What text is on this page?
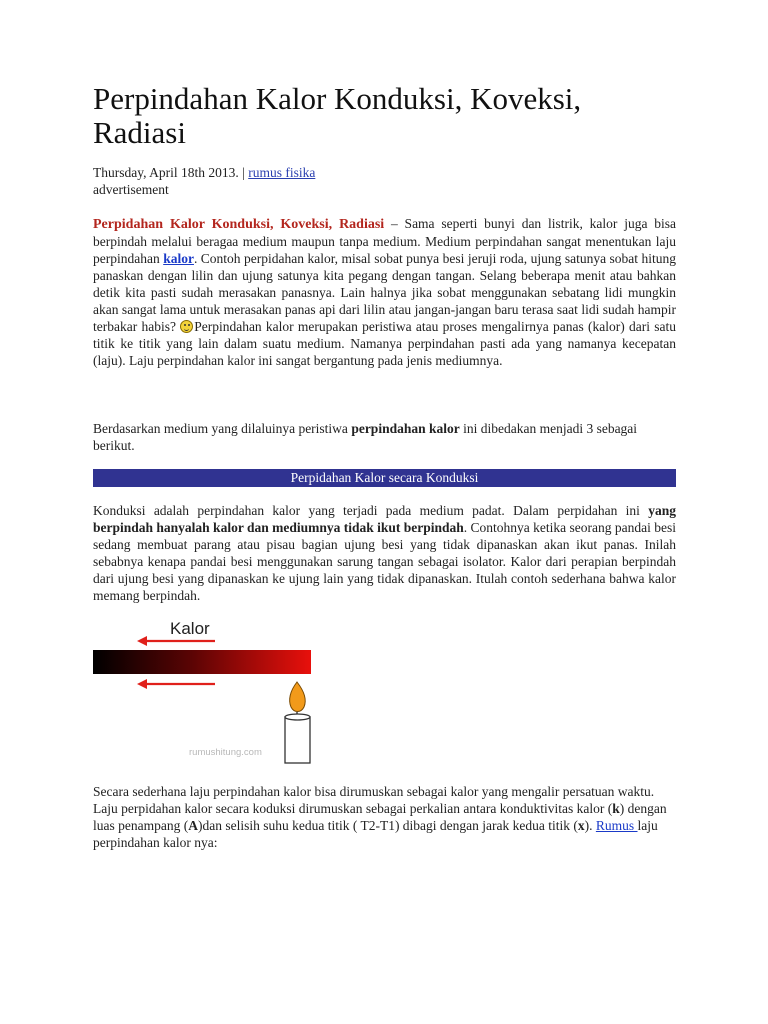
Perpindahan Kalor Konduksi, Koveksi, Radiasi
Thursday, April 18th 2013. | rumus fisika
advertisement
Perpidahan Kalor Konduksi, Koveksi, Radiasi – Sama seperti bunyi dan listrik, kalor juga bisa berpindah melalui beragaa medium maupun tanpa medium. Medium perpindahan sangat menentukan laju perpindahan kalor. Contoh perpidahan kalor, misal sobat punya besi jeruji roda, ujung satunya sobat hitung panaskan dengan lilin dan ujung satunya kita pegang dengan tangan. Selang beberapa menit atau bahkan detik kita pasti sudah merasakan panasnya. Lain halnya jika sobat menggunakan sebatang lidi mungkin akan sangat lama untuk merasakan panas api dari lilin atau jangan-jangan baru terasa saat lidi sudah hampir terbakar habis? Perpindahan kalor merupakan peristiwa atau proses mengalirnya panas (kalor) dari satu titik ke titik yang lain dalam suatu medium. Namanya perpindahan pasti ada yang namanya kecepatan (laju). Laju perpindahan kalor ini sangat bergantung pada jenis mediumnya.
Berdasarkan medium yang dilaluinya peristiwa perpindahan kalor ini dibedakan menjadi 3 sebagai berikut.
Perpidahan Kalor secara Konduksi
Konduksi adalah perpindahan kalor yang terjadi pada medium padat. Dalam perpidahan ini yang berpindah hanyalah kalor dan mediumnya tidak ikut berpindah. Contohnya ketika seorang pandai besi sedang membuat parang atau pisau bagian ujung besi yang tidak dipanaskan akan ikut panas. Inilah sebabnya kenapa pandai besi menggunakan sarung tangan sebagai isolator. Kalor dari perapian berpindah dari ujung besi yang dipanaskan ke ujung lain yang tidak dipanaskan. Itulah contoh sederhana bahwa kalor memang berpindah.
Kalor
rumushitung.com
Secara sederhana laju perpindahan kalor bisa dirumuskan sebagai kalor yang mengalir persatuan waktu. Laju perpidahan kalor secara koduksi dirumuskan sebagai perkalian antara konduktivitas kalor (k) dengan luas penampang (A)dan selisih suhu kedua titik ( T2-T1) dibagi dengan jarak kedua titik (x). Rumus laju perpindahan kalor nya:
